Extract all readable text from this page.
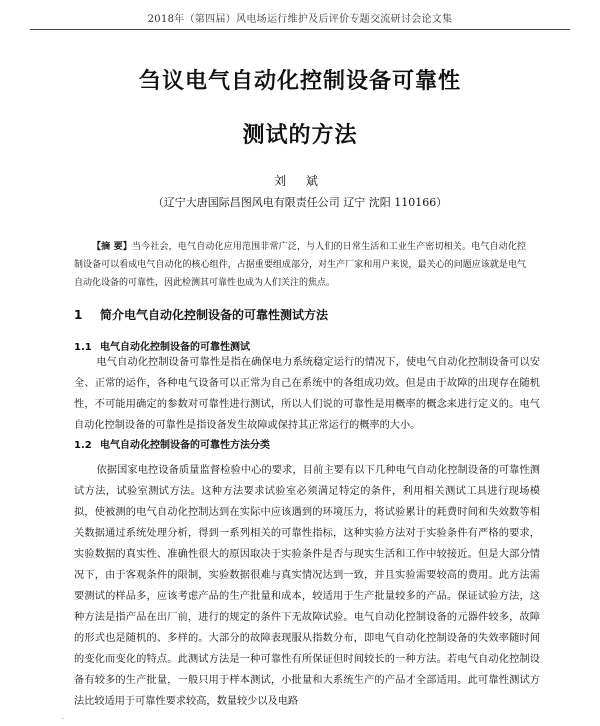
2018年（第四届）风电场运行维护及后评价专题交流研讨会论文集
刍议电气自动化控制设备可靠性
测试的方法
刘 斌
（辽宁大唐国际昌图风电有限责任公司 辽宁 沈阳 110166）
【摘 要】当今社会，电气自动化应用范围非常广泛，与人们的日常生活和工业生产密切相关。电气自动化控制设备可以看成电气自动化的核心组件，占据重要组成部分，对生产厂家和用户来说，最关心的问题应该就是电气自动化设备的可靠性，因此检测其可靠性也成为人们关注的焦点。
1 简介电气自动化控制设备的可靠性测试方法
1.1 电气自动化控制设备的可靠性测试
电气自动化控制设备可靠性是指在确保电力系统稳定运行的情况下，使电气自动化控制设备可以安全、正常的运作，各种电气设备可以正常为自己在系统中的各组成功效。但是由于故障的出现存在随机性，不可能用确定的参数对可靠性进行测试，所以人们说的可靠性是用概率的概念来进行定义的。电气自动化控制设备的可靠性是指设备发生故障或保持其正常运行的概率的大小。
1.2 电气自动化控制设备的可靠性方法分类
依据国家电控设备质量监督检验中心的要求，目前主要有以下几种电气自动化控制设备的可靠性测试方法，试验室测试方法。这种方法要求试验室必须满足特定的条件，利用相关测试工具进行现场模拟，使被测的电气自动化控制达到在实际中应该遇到的环境压力，将试验累计的耗费时间和失效数等相关数据通过系统处理分析，得到一系列相关的可靠性指标，这种实验方法对于实验条件有严格的要求，实验数据的真实性、准确性很大的原因取决于实验条件是否与现实生活和工作中较接近。但是大部分情况下，由于客观条件的限制，实验数据很难与真实情况达到一致，并且实验需要较高的费用。此方法需要测试的样品多，应该考虑产品的生产批量和成本，较适用于生产批量较多的产品。保证试验方法，这种方法是指产品在出厂前，进行的规定的条件下无故障试验。电气自动化控制设备的元器件较多，故障的形式也是随机的、多样的。大部分的故障表现服从指数分布，即电气自动化控制设备的失效率随时间的变化而变化的特点。此测试方法是一种可靠性有所保证但时间较长的一种方法。若电气自动化控制设备有较多的生产批量，一般只用于样本测试，小批量和大系统生产的产品才全部适用。此可靠性测试方法比较适用于可靠性要求较高，数量较少以及电路
·
